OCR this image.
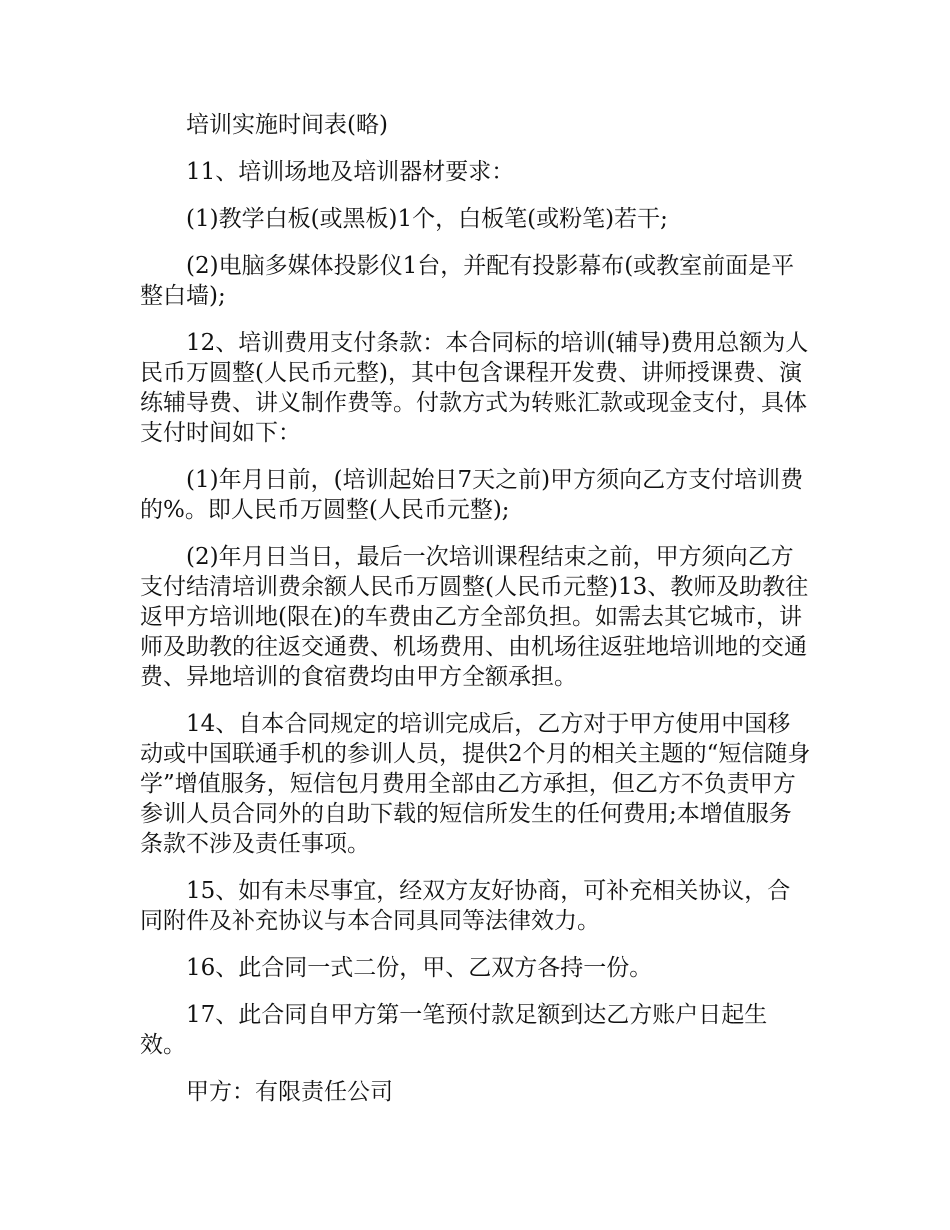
培训实施时间表(略)

11、培训场地及培训器材要求：

(1)教学白板(或黑板)1个，白板笔(或粉笔)若干;

(2)电脑多媒体投影仪1台，并配有投影幕布(或教室前面是平整白墙);

12、培训费用支付条款：本合同标的培训(辅导)费用总额为人民币万圆整(人民币元整)，其中包含课程开发费、讲师授课费、演练辅导费、讲义制作费等。付款方式为转账汇款或现金支付，具体支付时间如下：

(1)年月日前，(培训起始日7天之前)甲方须向乙方支付培训费的%。即人民币万圆整(人民币元整);

(2)年月日当日，最后一次培训课程结束之前，甲方须向乙方支付结清培训费余额人民币万圆整(人民币元整)13、教师及助教往返甲方培训地(限在)的车费由乙方全部负担。如需去其它城市，讲师及助教的往返交通费、机场费用、由机场往返驻地培训地的交通费、异地培训的食宿费均由甲方全额承担。

14、自本合同规定的培训完成后，乙方对于甲方使用中国移动或中国联通手机的参训人员，提供2个月的相关主题的“短信随身学”增值服务，短信包月费用全部由乙方承担，但乙方不负责甲方参训人员合同外的自助下载的短信所发生的任何费用;本增值服务条款不涉及责任事项。

15、如有未尽事宜，经双方友好协商，可补充相关协议，合同附件及补充协议与本合同具同等法律效力。

16、此合同一式二份，甲、乙双方各持一份。

17、此合同自甲方第一笔预付款足额到达乙方账户日起生效。

甲方：有限责任公司
